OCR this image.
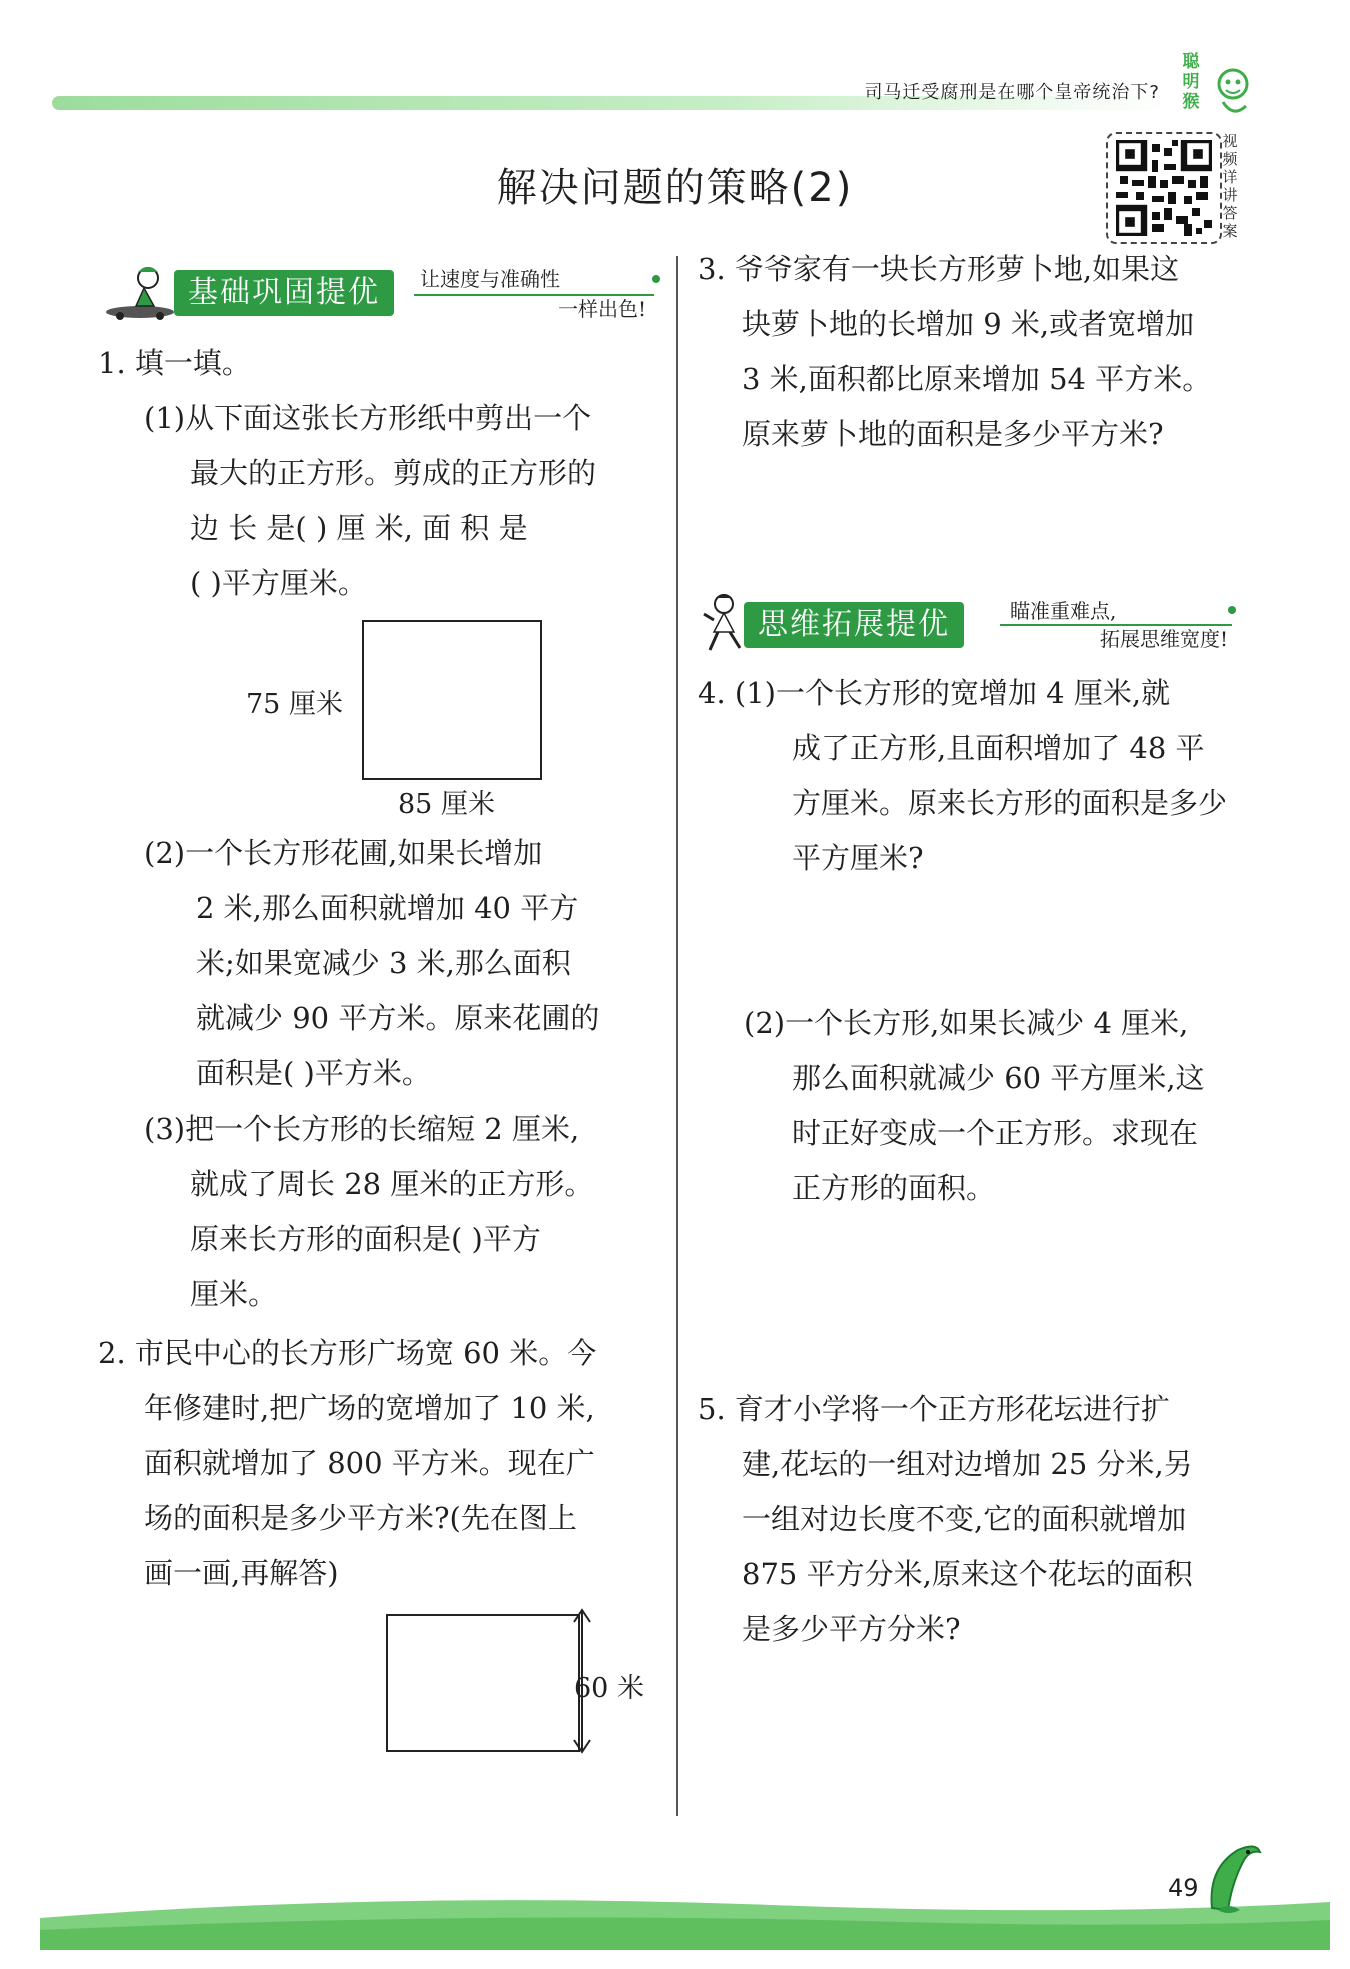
司马迁受腐刑是在哪个皇帝统治下?
聪明猴
解决问题的策略(2)
视频详讲答案
基础巩固提优	让速度与准确性
一样出色!
1. 填一填。
(1)从下面这张长方形纸中剪出一个
最大的正方形。剪成的正方形的
边 长 是( ) 厘 米, 面 积 是
( )平方厘米。
75 厘米
85 厘米
(2)一个长方形花圃,如果长增加
2 米,那么面积就增加 40 平方
米;如果宽减少 3 米,那么面积
就减少 90 平方米。原来花圃的
面积是( )平方米。
(3)把一个长方形的长缩短 2 厘米,
就成了周长 28 厘米的正方形。
原来长方形的面积是( )平方
厘米。
2. 市民中心的长方形广场宽 60 米。今
年修建时,把广场的宽增加了 10 米,
面积就增加了 800 平方米。现在广
场的面积是多少平方米?(先在图上
画一画,再解答)
60 米
3. 爷爷家有一块长方形萝卜地,如果这
块萝卜地的长增加 9 米,或者宽增加
3 米,面积都比原来增加 54 平方米。
原来萝卜地的面积是多少平方米?
思维拓展提优	瞄准重难点,
拓展思维宽度!
4. (1)一个长方形的宽增加 4 厘米,就
成了正方形,且面积增加了 48 平
方厘米。原来长方形的面积是多少
平方厘米?
(2)一个长方形,如果长减少 4 厘米,
那么面积就减少 60 平方厘米,这
时正好变成一个正方形。求现在
正方形的面积。
5. 育才小学将一个正方形花坛进行扩
建,花坛的一组对边增加 25 分米,另
一组对边长度不变,它的面积就增加
875 平方分米,原来这个花坛的面积
是多少平方分米?
49
